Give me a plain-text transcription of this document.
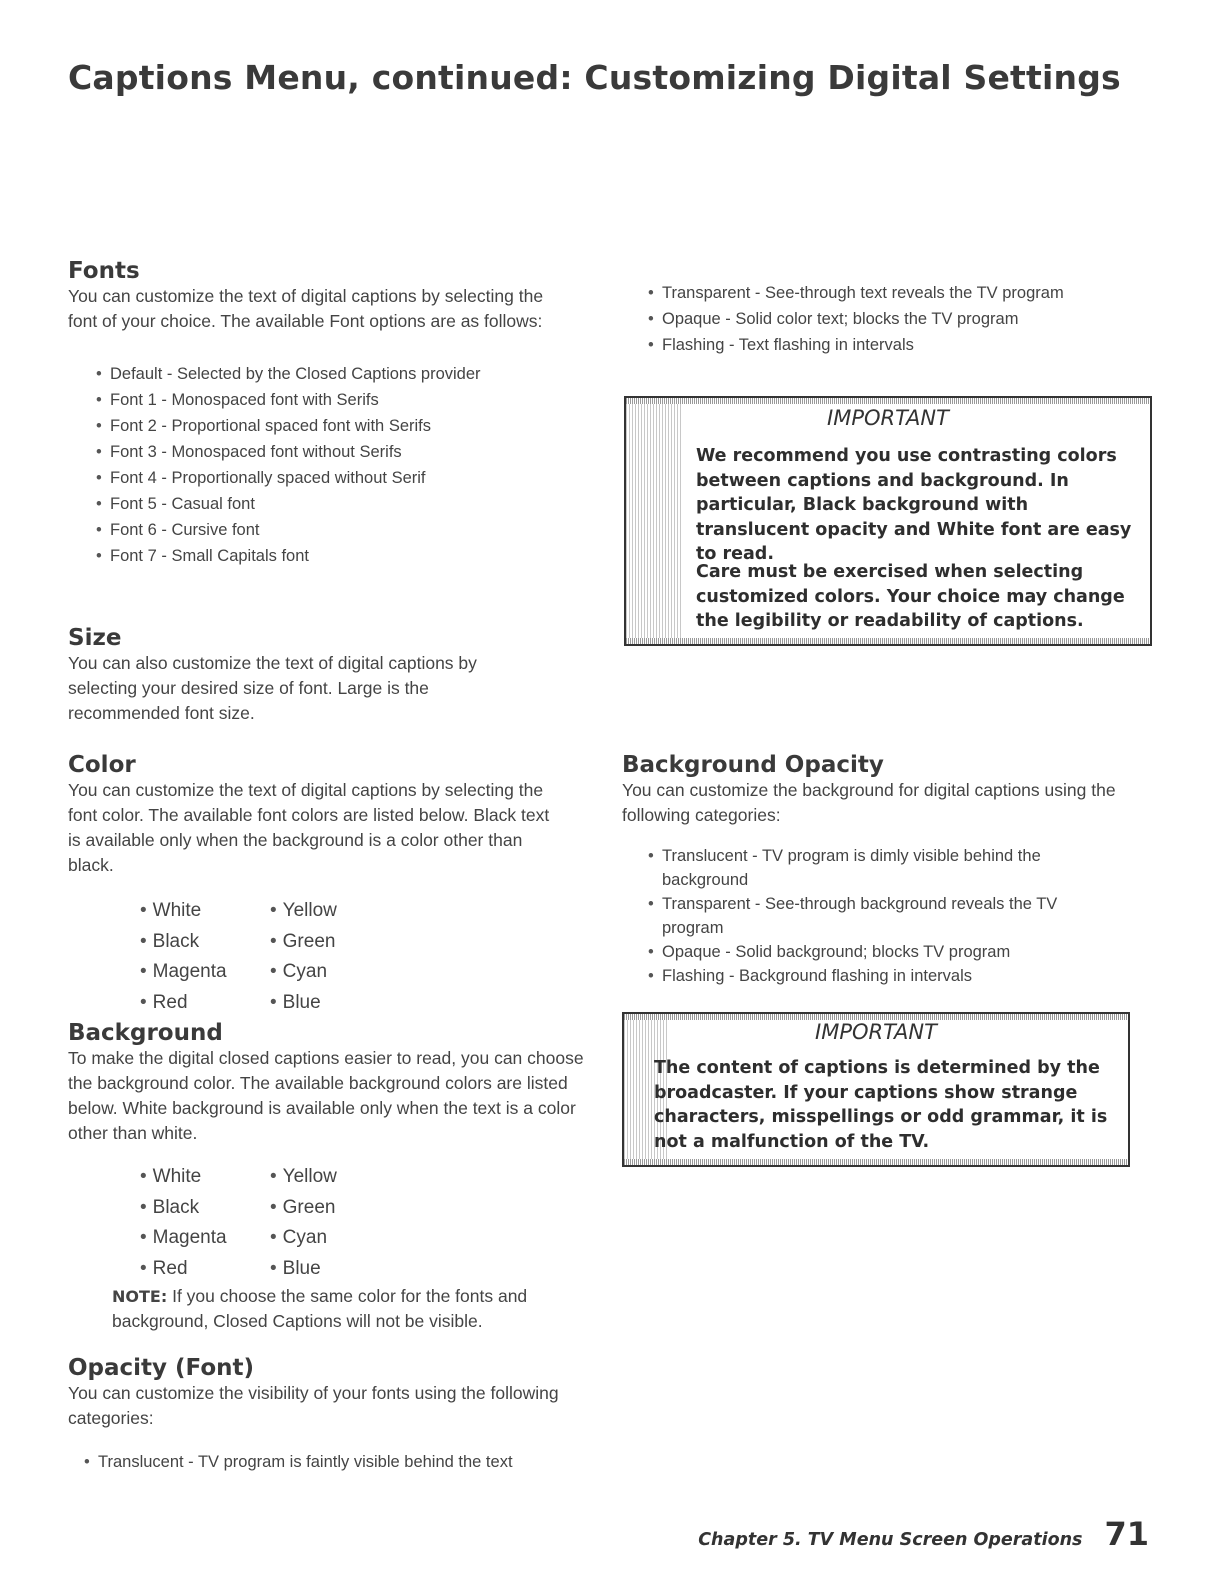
Captions Menu, continued: Customizing Digital Settings
Fonts

You can customize the text of digital captions by selecting the font of your choice. The available Font options are as follows:

• Default - Selected by the Closed Captions provider
• Font 1 - Monospaced font with Serifs
• Font 2 - Proportional spaced font with Serifs
• Font 3 - Monospaced font without Serifs
• Font 4 - Proportionally spaced without Serif
• Font 5 - Casual font
• Font 6 - Cursive font
• Font 7 - Small Capitals font
Size

You can also customize the text of digital captions by selecting your desired size of font. Large is the recommended font size.

Color

You can customize the text of digital captions by selecting the font color. The available font colors are listed below. Black text is available only when the background is a color other than black.

• White	• Yellow
• Black	• Green
• Magenta	• Cyan
• Red	• Blue
Background

To make the digital closed captions easier to read, you can choose the background color. The available background colors are listed below. White background is available only when the text is a color other than white.

• White	• Yellow
• Black	• Green
• Magenta	• Cyan
• Red	• Blue

NOTE: If you choose the same color for the fonts and background, Closed Captions will not be visible.

Opacity (Font)

You can customize the visibility of your fonts using the following categories:

• Translucent - TV program is faintly visible behind the text
• Transparent - See-through text reveals the TV program
• Opaque - Solid color text; blocks the TV program
• Flashing - Text flashing in intervals
IMPORTANT

We recommend you use contrasting colors between captions and background. In particular, Black background with translucent opacity and White font are easy to read.

Care must be exercised when selecting customized colors. Your choice may change the legibility or readability of captions.

Background Opacity

You can customize the background for digital captions using the following categories:

• Translucent - TV program is dimly visible behind the background
• Transparent - See-through background reveals the TV program
• Opaque - Solid background; blocks TV program
• Flashing - Background flashing in intervals
IMPORTANT

The content of captions is determined by the broadcaster. If your captions show strange characters, misspellings or odd grammar, it is not a malfunction of the TV.

Chapter 5. TV Menu Screen Operations 71
